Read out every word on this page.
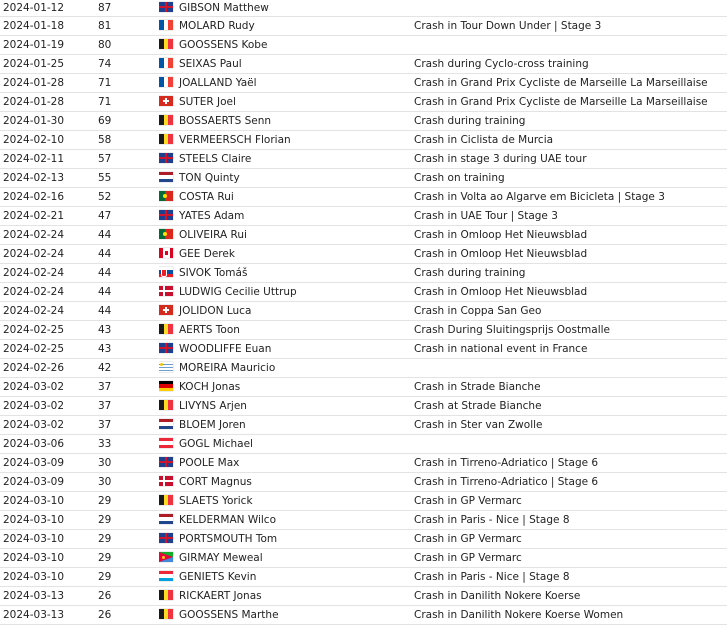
2024-01-12	87	GIBSON Matthew	
2024-01-18	81	MOLARD Rudy	Crash in Tour Down Under | Stage 3
2024-01-19	80	GOOSSENS Kobe	
2024-01-25	74	SEIXAS Paul	Crash during Cyclo-cross training
2024-01-28	71	JOALLAND Yaël	Crash in Grand Prix Cycliste de Marseille La Marseillaise
2024-01-28	71	SUTER Joel	Crash in Grand Prix Cycliste de Marseille La Marseillaise
2024-01-30	69	BOSSAERTS Senn	Crash during training
2024-02-10	58	VERMEERSCH Florian	Crash in Ciclista de Murcia
2024-02-11	57	STEELS Claire	Crash in stage 3 during UAE tour
2024-02-13	55	TON Quinty	Crash on training
2024-02-16	52	COSTA Rui	Crash in Volta ao Algarve em Bicicleta | Stage 3
2024-02-21	47	YATES Adam	Crash in UAE Tour | Stage 3
2024-02-24	44	OLIVEIRA Rui	Crash in Omloop Het Nieuwsblad
2024-02-24	44	GEE Derek	Crash in Omloop Het Nieuwsblad
2024-02-24	44	SIVOK Tomáš	Crash during training
2024-02-24	44	LUDWIG Cecilie Uttrup	Crash in Omloop Het Nieuwsblad
2024-02-24	44	JOLIDON Luca	Crash in Coppa San Geo
2024-02-25	43	AERTS Toon	Crash During Sluitingsprijs Oostmalle
2024-02-25	43	WOODLIFFE Euan	Crash in national event in France
2024-02-26	42	MOREIRA Mauricio	
2024-03-02	37	KOCH Jonas	Crash in Strade Bianche
2024-03-02	37	LIVYNS Arjen	Crash at Strade Bianche
2024-03-02	37	BLOEM Joren	Crash in Ster van Zwolle
2024-03-06	33	GOGL Michael	
2024-03-09	30	POOLE Max	Crash in Tirreno-Adriatico | Stage 6
2024-03-09	30	CORT Magnus	Crash in Tirreno-Adriatico | Stage 6
2024-03-10	29	SLAETS Yorick	Crash in GP Vermarc
2024-03-10	29	KELDERMAN Wilco	Crash in Paris - Nice | Stage 8
2024-03-10	29	PORTSMOUTH Tom	Crash in GP Vermarc
2024-03-10	29	GIRMAY Meweal	Crash in GP Vermarc
2024-03-10	29	GENIETS Kevin	Crash in Paris - Nice | Stage 8
2024-03-13	26	RICKAERT Jonas	Crash in Danilith Nokere Koerse
2024-03-13	26	GOOSSENS Marthe	Crash in Danilith Nokere Koerse Women
